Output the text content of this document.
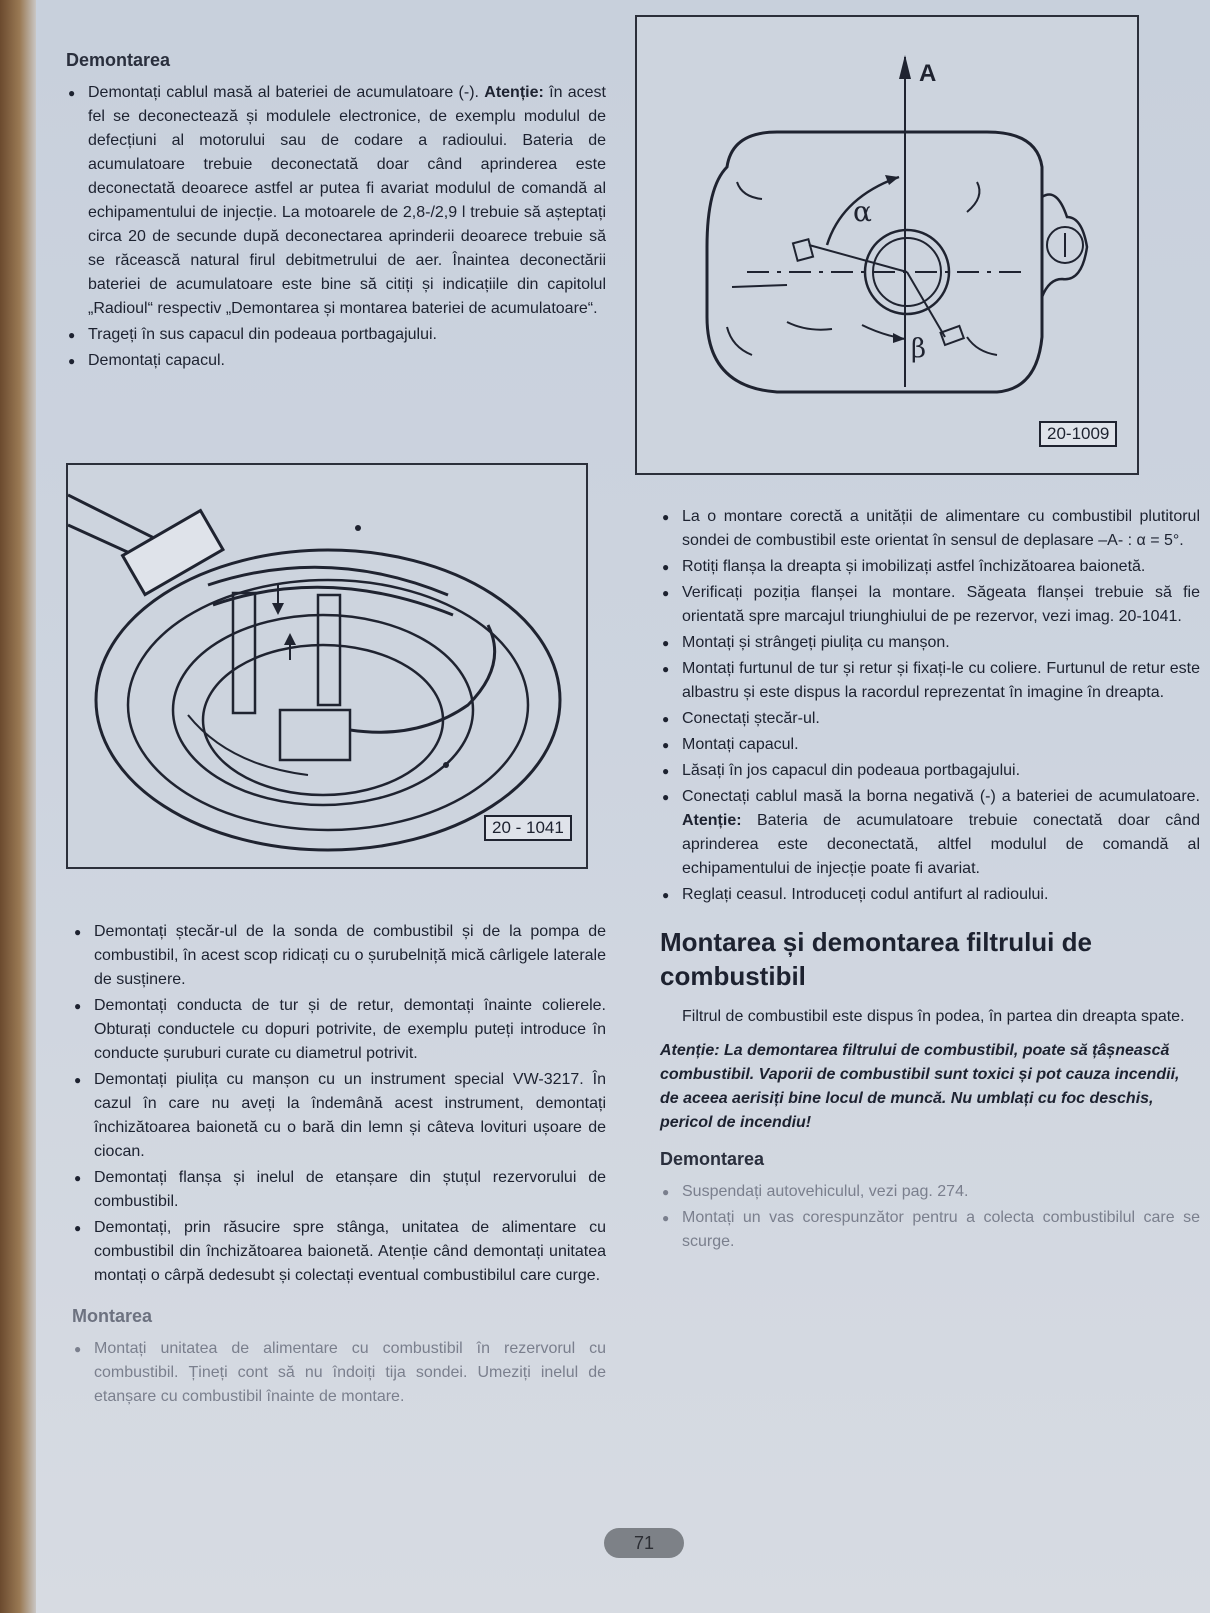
A
α
β
20-1009
Demontarea
● Demontați cablul masă al bateriei de acumulatoare (-). Atenție: în acest fel se deconectează și modulele electronice, de exemplu modulul de defecțiuni al motorului sau de codare a radioului. Bateria de acumulatoare trebuie deconectată doar când aprinderea este deconectată deoarece astfel ar putea fi avariat modulul de comandă al echipamentului de injecție. La motoarele de 2,8-/2,9 l trebuie să așteptați circa 20 de secunde după deconectarea aprinderii deoarece trebuie să se răcească natural firul debitmetrului de aer. Înaintea deconectării bateriei de acumulatoare este bine să citiți și indicațiile din capitolul „Radioul“ respectiv „Demontarea și montarea bateriei de acumulatoare“.
● Trageți în sus capacul din podeaua portbagajului.
● Demontați capacul.
20 - 1041
● Demontați ștecăr-ul de la sonda de combustibil și de la pompa de combustibil, în acest scop ridicați cu o șurubelniță mică cârligele laterale de susținere.
● Demontați conducta de tur și de retur, demontați înainte colierele. Obturați conductele cu dopuri potrivite, de exemplu puteți introduce în conducte șuruburi curate cu diametrul potrivit.
● Demontați piulița cu manșon cu un instrument special VW-3217. În cazul în care nu aveți la îndemână acest instrument, demontați închizătoarea baionetă cu o bară din lemn și câteva lovituri ușoare de ciocan.
● Demontați flanșa și inelul de etanșare din ștuțul rezervorului de combustibil.
● Demontați, prin răsucire spre stânga, unitatea de alimentare cu combustibil din închizătoarea baionetă. Atenție când demontați unitatea montați o cârpă dedesubt și colectați eventual combustibilul care curge.
Montarea
● Montați unitatea de alimentare cu combustibil în rezervorul cu combustibil. Țineți cont să nu îndoiți tija sondei. Umeziți inelul de etanșare cu combustibil înainte de montare.
● La o montare corectă a unității de alimentare cu combustibil plutitorul sondei de combustibil este orientat în sensul de deplasare –A- : α = 5°.
● Rotiți flanșa la dreapta și imobilizați astfel închizătoarea baionetă.
● Verificați poziția flanșei la montare. Săgeata flanșei trebuie să fie orientată spre marcajul triunghiului de pe rezervor, vezi imag. 20-1041.
● Montați și strângeți piulița cu manșon.
● Montați furtunul de tur și retur și fixați-le cu coliere. Furtunul de retur este albastru și este dispus la racordul reprezentat în imagine în dreapta.
● Conectați ștecăr-ul.
● Montați capacul.
● Lăsați în jos capacul din podeaua portbagajului.
● Conectați cablul masă la borna negativă (-) a bateriei de acumulatoare. Atenție: Bateria de acumulatoare trebuie conectată doar când aprinderea este deconectată, altfel modulul de comandă al echipamentului de injecție poate fi avariat.
● Reglați ceasul. Introduceți codul antifurt al radioului.
Montarea și demontarea filtrului de combustibil

Filtrul de combustibil este dispus în podea, în partea din dreapta spate.

Atenție: La demontarea filtrului de combustibil, poate să țâșnească combustibil. Vaporii de combustibil sunt toxici și pot cauza incendii, de aceea aerisiți bine locul de muncă. Nu umblați cu foc deschis, pericol de incendiu!

Demontarea
● Suspendați autovehiculul, vezi pag. 274.
● Montați un vas corespunzător pentru a colecta combustibilul care se scurge.
71
